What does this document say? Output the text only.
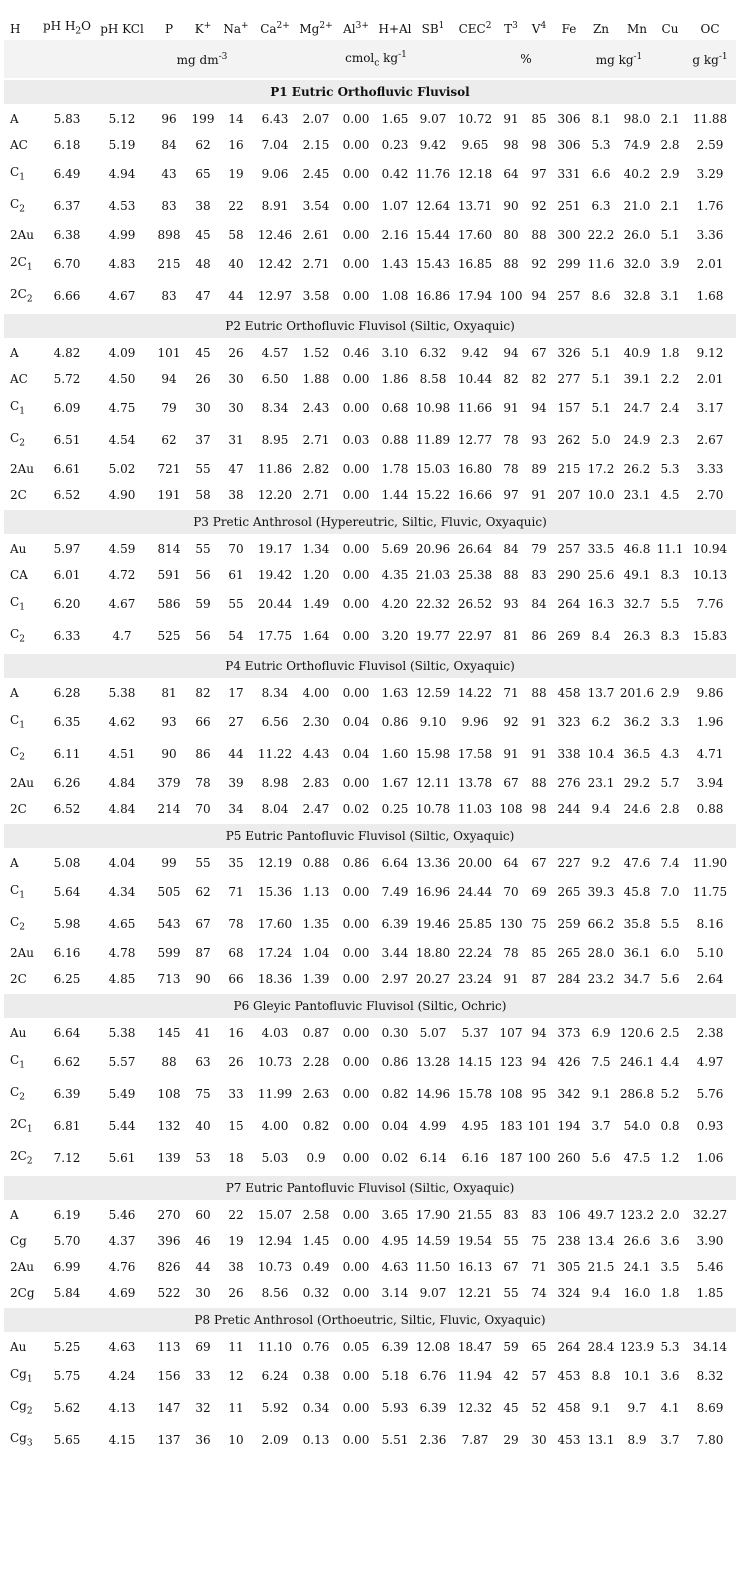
H	pH $H_2O$	pH KCl	P	K+	Na+	$Ca^{2+}$	$Mg^{2+}$	$Al^{3+}$	H+Al	$SB^1$	CEC$^2$	$T^3$	$V^4$	Fe	Zn	Mn	Cu	OC
			mg $dm^{-3}$			cmol$_c$ $kg^{-1}$						%		mg $kg^{-1}$				g $kg^{-1}$
P1 Eutric Orthofluvic Fluvisol																		
A	5.83	5.12	96	199	14	6.43	2.07	0.00	1.65	9.07	10.72	91	85	306	8.1	98.0	2.1	11.88
AC	6.18	5.19	84	62	16	7.04	2.15	0.00	0.23	9.42	9.65	98	98	306	5.3	74.9	2.8	2.59
$C_1$	6.49	4.94	43	65	19	9.06	2.45	0.00	0.42	11.76	12.18	64	97	331	6.6	40.2	2.9	3.29
$C_2$	6.37	4.53	83	38	22	8.91	3.54	0.00	1.07	12.64	13.71	90	92	251	6.3	21.0	2.1	1.76
2Au	6.38	4.99	898	45	58	12.46	2.61	0.00	2.16	15.44	17.60	80	88	300	22.2	26.0	5.1	3.36
$2C_1$	6.70	4.83	215	48	40	12.42	2.71	0.00	1.43	15.43	16.85	88	92	299	11.6	32.0	3.9	2.01
$2C_2$	6.66	4.67	83	47	44	12.97	3.58	0.00	1.08	16.86	17.94	100	94	257	8.6	32.8	3.1	1.68
P2 Eutric Orthofluvic Fluvisol (Siltic, Oxyaquic)																		
A	4.82	4.09	101	45	26	4.57	1.52	0.46	3.10	6.32	9.42	94	67	326	5.1	40.9	1.8	9.12
AC	5.72	4.50	94	26	30	6.50	1.88	0.00	1.86	8.58	10.44	82	82	277	5.1	39.1	2.2	2.01
$C_1$	6.09	4.75	79	30	30	8.34	2.43	0.00	0.68	10.98	11.66	91	94	157	5.1	24.7	2.4	3.17
$C_2$	6.51	4.54	62	37	31	8.95	2.71	0.03	0.88	11.89	12.77	78	93	262	5.0	24.9	2.3	2.67
2Au	6.61	5.02	721	55	47	11.86	2.82	0.00	1.78	15.03	16.80	78	89	215	17.2	26.2	5.3	3.33
2C	6.52	4.90	191	58	38	12.20	2.71	0.00	1.44	15.22	16.66	97	91	207	10.0	23.1	4.5	2.70
P3 Pretic Anthrosol (Hypereutric, Siltic, Fluvic, Oxyaquic)																		
Au	5.97	4.59	814	55	70	19.17	1.34	0.00	5.69	20.96	26.64	84	79	257	33.5	46.8	11.1	10.94
CA	6.01	4.72	591	56	61	19.42	1.20	0.00	4.35	21.03	25.38	88	83	290	25.6	49.1	8.3	10.13
$C_1$	6.20	4.67	586	59	55	20.44	1.49	0.00	4.20	22.32	26.52	93	84	264	16.3	32.7	5.5	7.76
$C_2$	6.33	4.7	525	56	54	17.75	1.64	0.00	3.20	19.77	22.97	81	86	269	8.4	26.3	8.3	15.83
P4 Eutric Orthofluvic Fluvisol (Siltic, Oxyaquic)																		
A	6.28	5.38	81	82	17	8.34	4.00	0.00	1.63	12.59	14.22	71	88	458	13.7	201.6	2.9	9.86
$C_1$	6.35	4.62	93	66	27	6.56	2.30	0.04	0.86	9.10	9.96	92	91	323	6.2	36.2	3.3	1.96
$C_2$	6.11	4.51	90	86	44	11.22	4.43	0.04	1.60	15.98	17.58	91	91	338	10.4	36.5	4.3	4.71
2Au	6.26	4.84	379	78	39	8.98	2.83	0.00	1.67	12.11	13.78	67	88	276	23.1	29.2	5.7	3.94
2C	6.52	4.84	214	70	34	8.04	2.47	0.02	0.25	10.78	11.03	108	98	244	9.4	24.6	2.8	0.88
P5 Eutric Pantofluvic Fluvisol (Siltic, Oxyaquic)																		
A	5.08	4.04	99	55	35	12.19	0.88	0.86	6.64	13.36	20.00	64	67	227	9.2	47.6	7.4	11.90
$C_1$	5.64	4.34	505	62	71	15.36	1.13	0.00	7.49	16.96	24.44	70	69	265	39.3	45.8	7.0	11.75
$C_2$	5.98	4.65	543	67	78	17.60	1.35	0.00	6.39	19.46	25.85	130	75	259	66.2	35.8	5.5	8.16
2Au	6.16	4.78	599	87	68	17.24	1.04	0.00	3.44	18.80	22.24	78	85	265	28.0	36.1	6.0	5.10
2C	6.25	4.85	713	90	66	18.36	1.39	0.00	2.97	20.27	23.24	91	87	284	23.2	34.7	5.6	2.64
P6 Gleyic Pantofluvic Fluvisol (Siltic, Ochric)																		
Au	6.64	5.38	145	41	16	4.03	0.87	0.00	0.30	5.07	5.37	107	94	373	6.9	120.6	2.5	2.38
$C_1$	6.62	5.57	88	63	26	10.73	2.28	0.00	0.86	13.28	14.15	123	94	426	7.5	246.1	4.4	4.97
$C_2$	6.39	5.49	108	75	33	11.99	2.63	0.00	0.82	14.96	15.78	108	95	342	9.1	286.8	5.2	5.76
$2C_1$	6.81	5.44	132	40	15	4.00	0.82	0.00	0.04	4.99	4.95	183	101	194	3.7	54.0	0.8	0.93
$2C_2$	7.12	5.61	139	53	18	5.03	0.9	0.00	0.02	6.14	6.16	187	100	260	5.6	47.5	1.2	1.06
P7 Eutric Pantofluvic Fluvisol (Siltic, Oxyaquic)																		
A	6.19	5.46	270	60	22	15.07	2.58	0.00	3.65	17.90	21.55	83	83	106	49.7	123.2	2.0	32.27
Cg	5.70	4.37	396	46	19	12.94	1.45	0.00	4.95	14.59	19.54	55	75	238	13.4	26.6	3.6	3.90
2Au	6.99	4.76	826	44	38	10.73	0.49	0.00	4.63	11.50	16.13	67	71	305	21.5	24.1	3.5	5.46
2Cg	5.84	4.69	522	30	26	8.56	0.32	0.00	3.14	9.07	12.21	55	74	324	9.4	16.0	1.8	1.85
P8 Pretic Anthrosol (Orthoeutric, Siltic, Fluvic, Oxyaquic)																		
Au	5.25	4.63	113	69	11	11.10	0.76	0.05	6.39	12.08	18.47	59	65	264	28.4	123.9	5.3	34.14
$Cg_1$	5.75	4.24	156	33	12	6.24	0.38	0.00	5.18	6.76	11.94	42	57	453	8.8	10.1	3.6	8.32
$Cg_2$	5.62	4.13	147	32	11	5.92	0.34	0.00	5.93	6.39	12.32	45	52	458	9.1	9.7	4.1	8.69
$Cg_3$	5.65	4.15	137	36	10	2.09	0.13	0.00	5.51	2.36	7.87	29	30	453	13.1	8.9	3.7	7.80
